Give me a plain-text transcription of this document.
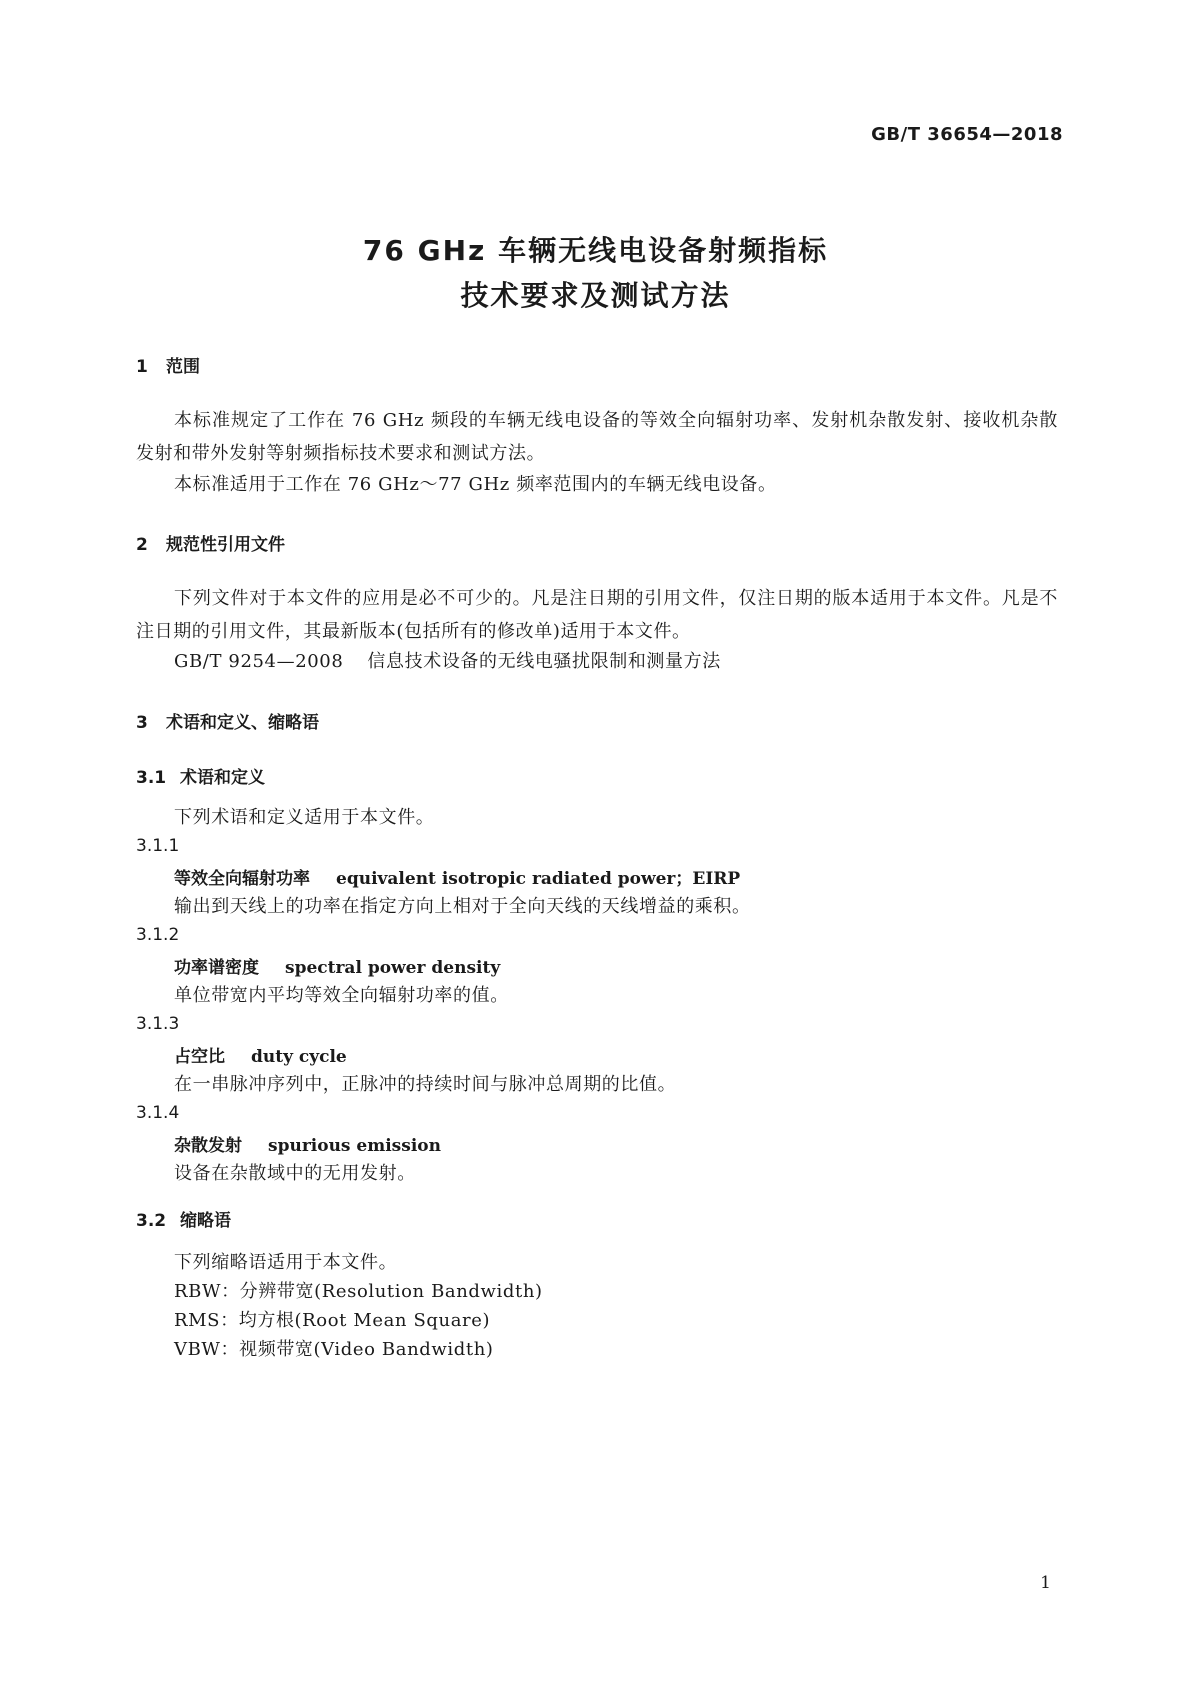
GB/T 36654—2018
76 GHz 车辆无线电设备射频指标
技术要求及测试方法
1 范围
本标准规定了工作在 76 GHz 频段的车辆无线电设备的等效全向辐射功率、发射机杂散发射、接收机杂散发射和带外发射等射频指标技术要求和测试方法。
本标准适用于工作在 76 GHz～77 GHz 频率范围内的车辆无线电设备。
2 规范性引用文件
下列文件对于本文件的应用是必不可少的。凡是注日期的引用文件，仅注日期的版本适用于本文件。凡是不注日期的引用文件，其最新版本(包括所有的修改单)适用于本文件。
GB/T 9254—2008 信息技术设备的无线电骚扰限制和测量方法
3 术语和定义、缩略语
3.1 术语和定义
下列术语和定义适用于本文件。
3.1.1
等效全向辐射功率 equivalent isotropic radiated power；EIRP
输出到天线上的功率在指定方向上相对于全向天线的天线增益的乘积。
3.1.2
功率谱密度 spectral power density
单位带宽内平均等效全向辐射功率的值。
3.1.3
占空比 duty cycle
在一串脉冲序列中，正脉冲的持续时间与脉冲总周期的比值。
3.1.4
杂散发射 spurious emission
设备在杂散域中的无用发射。
3.2 缩略语
下列缩略语适用于本文件。
RBW：分辨带宽(Resolution Bandwidth)
RMS：均方根(Root Mean Square)
VBW：视频带宽(Video Bandwidth)
1
